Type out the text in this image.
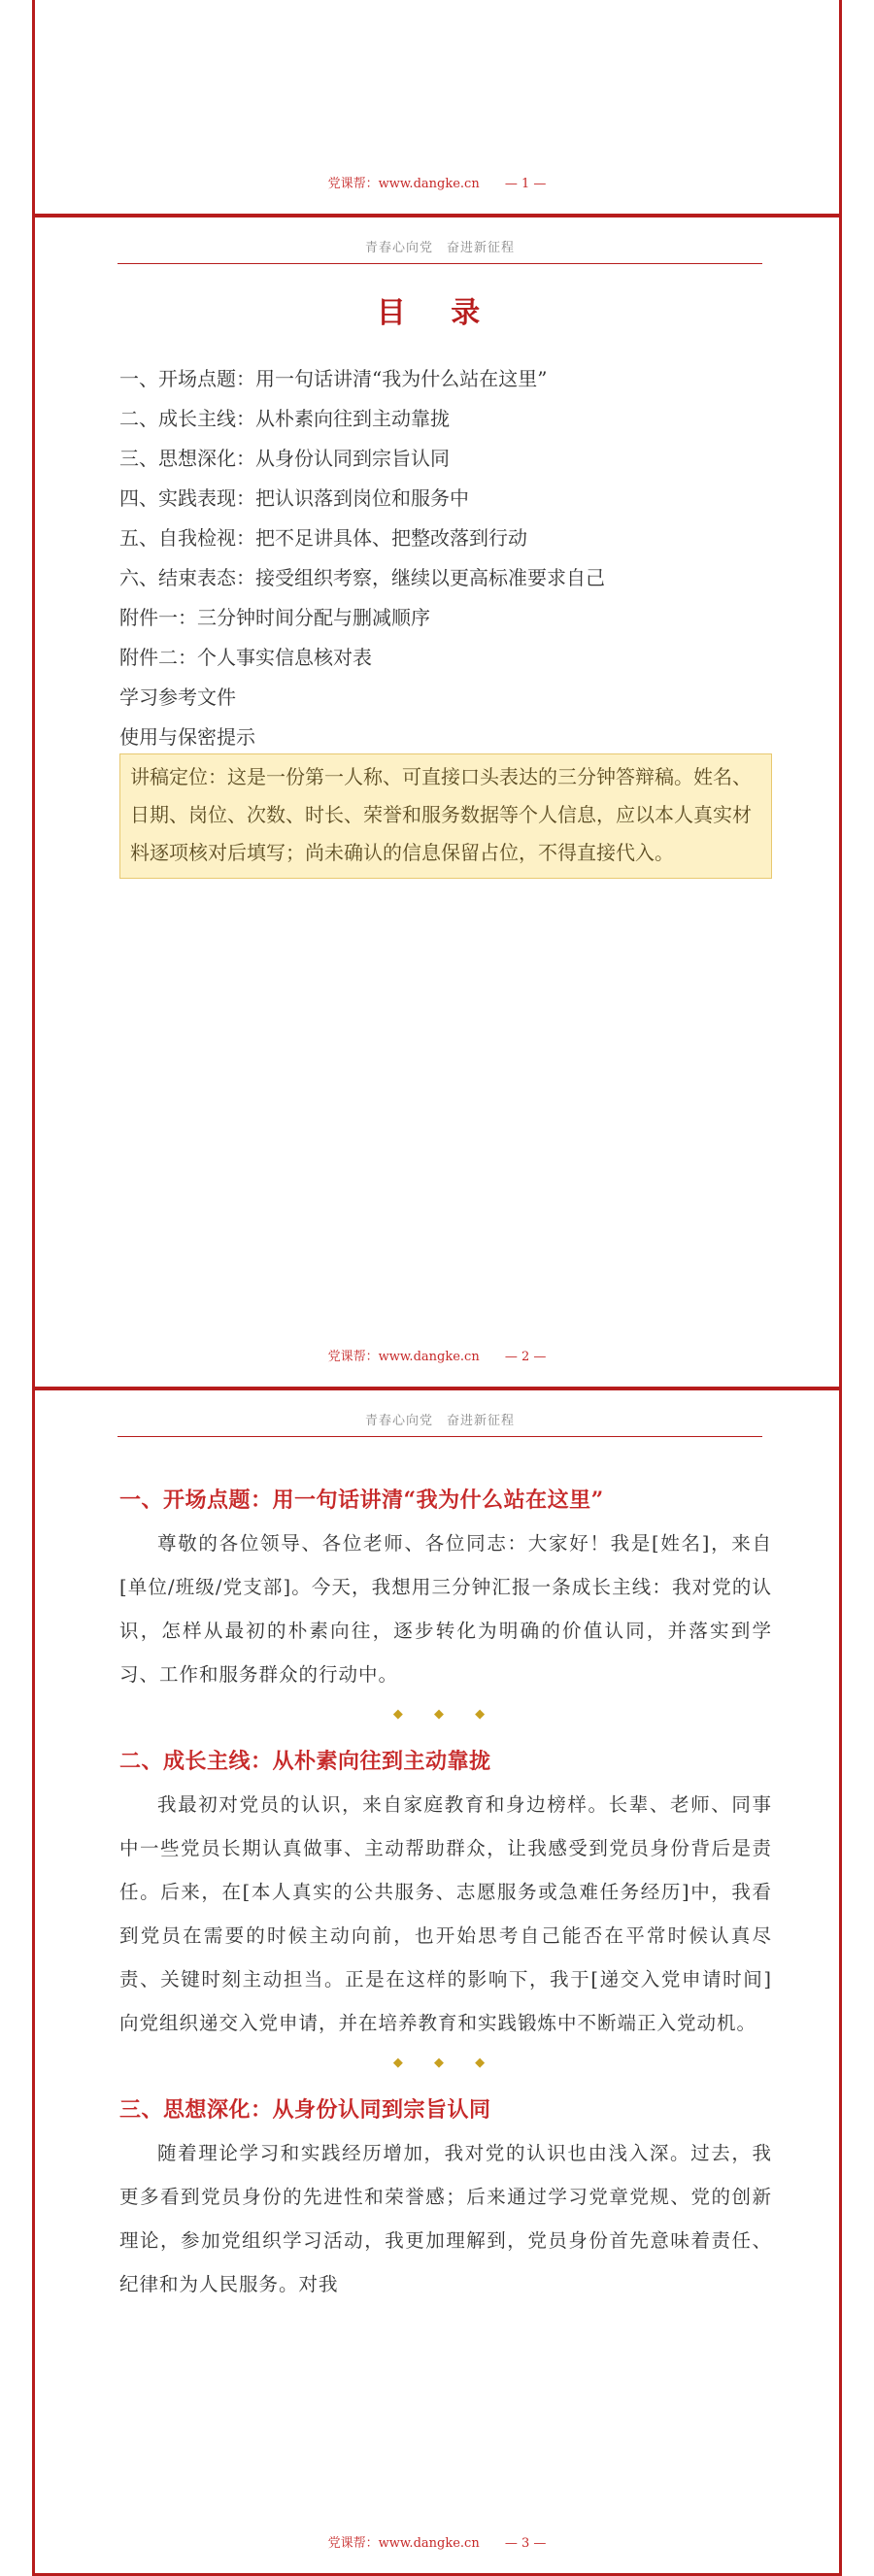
党课帮：www.dangke.cn — 1 —
青春心向党　奋进新征程
目 录
一、开场点题：用一句话讲清“我为什么站在这里”
二、成长主线：从朴素向往到主动靠拢
三、思想深化：从身份认同到宗旨认同
四、实践表现：把认识落到岗位和服务中
五、自我检视：把不足讲具体、把整改落到行动
六、结束表态：接受组织考察，继续以更高标准要求自己
附件一：三分钟时间分配与删减顺序
附件二：个人事实信息核对表
学习参考文件
使用与保密提示
讲稿定位：这是一份第一人称、可直接口头表达的三分钟答辩稿。姓名、日期、岗位、次数、时长、荣誉和服务数据等个人信息，应以本人真实材料逐项核对后填写；尚未确认的信息保留占位，不得直接代入。
党课帮：www.dangke.cn — 2 —
青春心向党　奋进新征程
一、开场点题：用一句话讲清“我为什么站在这里”

尊敬的各位领导、各位老师、各位同志：大家好！我是[姓名]，来自[单位/班级/党支部]。今天，我想用三分钟汇报一条成长主线：我对党的认识，怎样从最初的朴素向往，逐步转化为明确的价值认同，并落实到学习、工作和服务群众的行动中。

◆ ◆ ◆
二、成长主线：从朴素向往到主动靠拢

我最初对党员的认识，来自家庭教育和身边榜样。长辈、老师、同事中一些党员长期认真做事、主动帮助群众，让我感受到党员身份背后是责任。后来，在[本人真实的公共服务、志愿服务或急难任务经历]中，我看到党员在需要的时候主动向前，也开始思考自己能否在平常时候认真尽责、关键时刻主动担当。正是在这样的影响下，我于[递交入党申请时间]向党组织递交入党申请，并在培养教育和实践锻炼中不断端正入党动机。

◆ ◆ ◆
三、思想深化：从身份认同到宗旨认同

随着理论学习和实践经历增加，我对党的认识也由浅入深。过去，我更多看到党员身份的先进性和荣誉感；后来通过学习党章党规、党的创新理论，参加党组织学习活动，我更加理解到，党员身份首先意味着责任、纪律和为人民服务。对我

党课帮：www.dangke.cn — 3 —
